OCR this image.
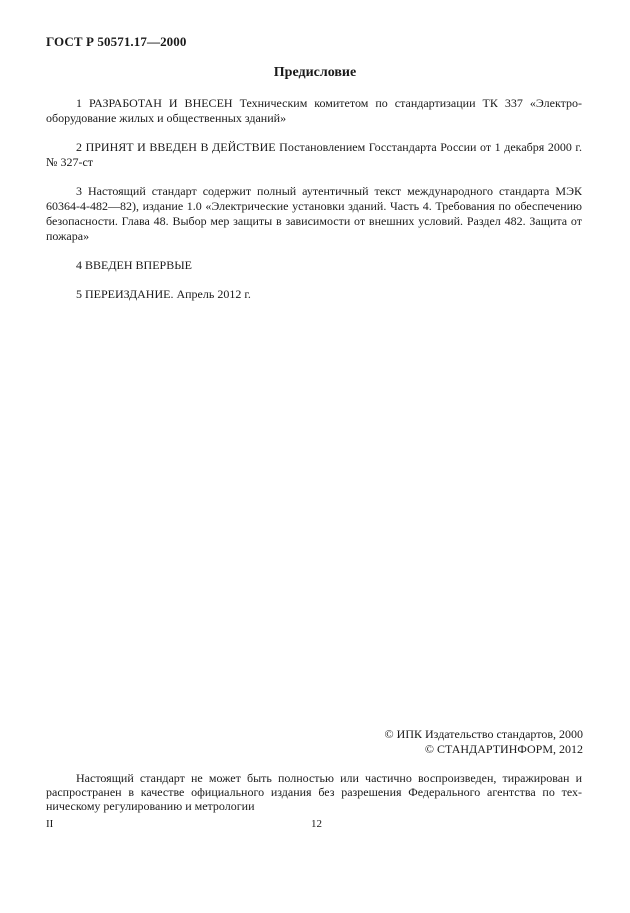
ГОСТ Р 50571.17—2000
Предисловие

1 РАЗРАБОТАН И ВНЕСЕН Техническим комитетом по стандартизации ТК 337 «Электрооборудование жилых и общественных зданий»

2 ПРИНЯТ И ВВЕДЕН В ДЕЙСТВИЕ Постановлением Госстандарта России от 1 декабря 2000 г. № 327-ст

3 Настоящий стандарт содержит полный аутентичный текст международного стандарта МЭК 60364-4-482—82), издание 1.0 «Электрические установки зданий. Часть 4. Требования по обеспечению безопасности. Глава 48. Выбор мер защиты в зависимости от внешних условий. Раздел 482. Защита от пожара»

4 ВВЕДЕН ВПЕРВЫЕ

5 ПЕРЕИЗДАНИЕ. Апрель 2012 г.

© ИПК Издательство стандартов, 2000
© СТАНДАРТИНФОРМ, 2012
Настоящий стандарт не может быть полностью или частично воспроизведен, тиражирован и распространен в качестве официального издания без разрешения Федерального агентства по техническому регулированию и метрологии
II	12
